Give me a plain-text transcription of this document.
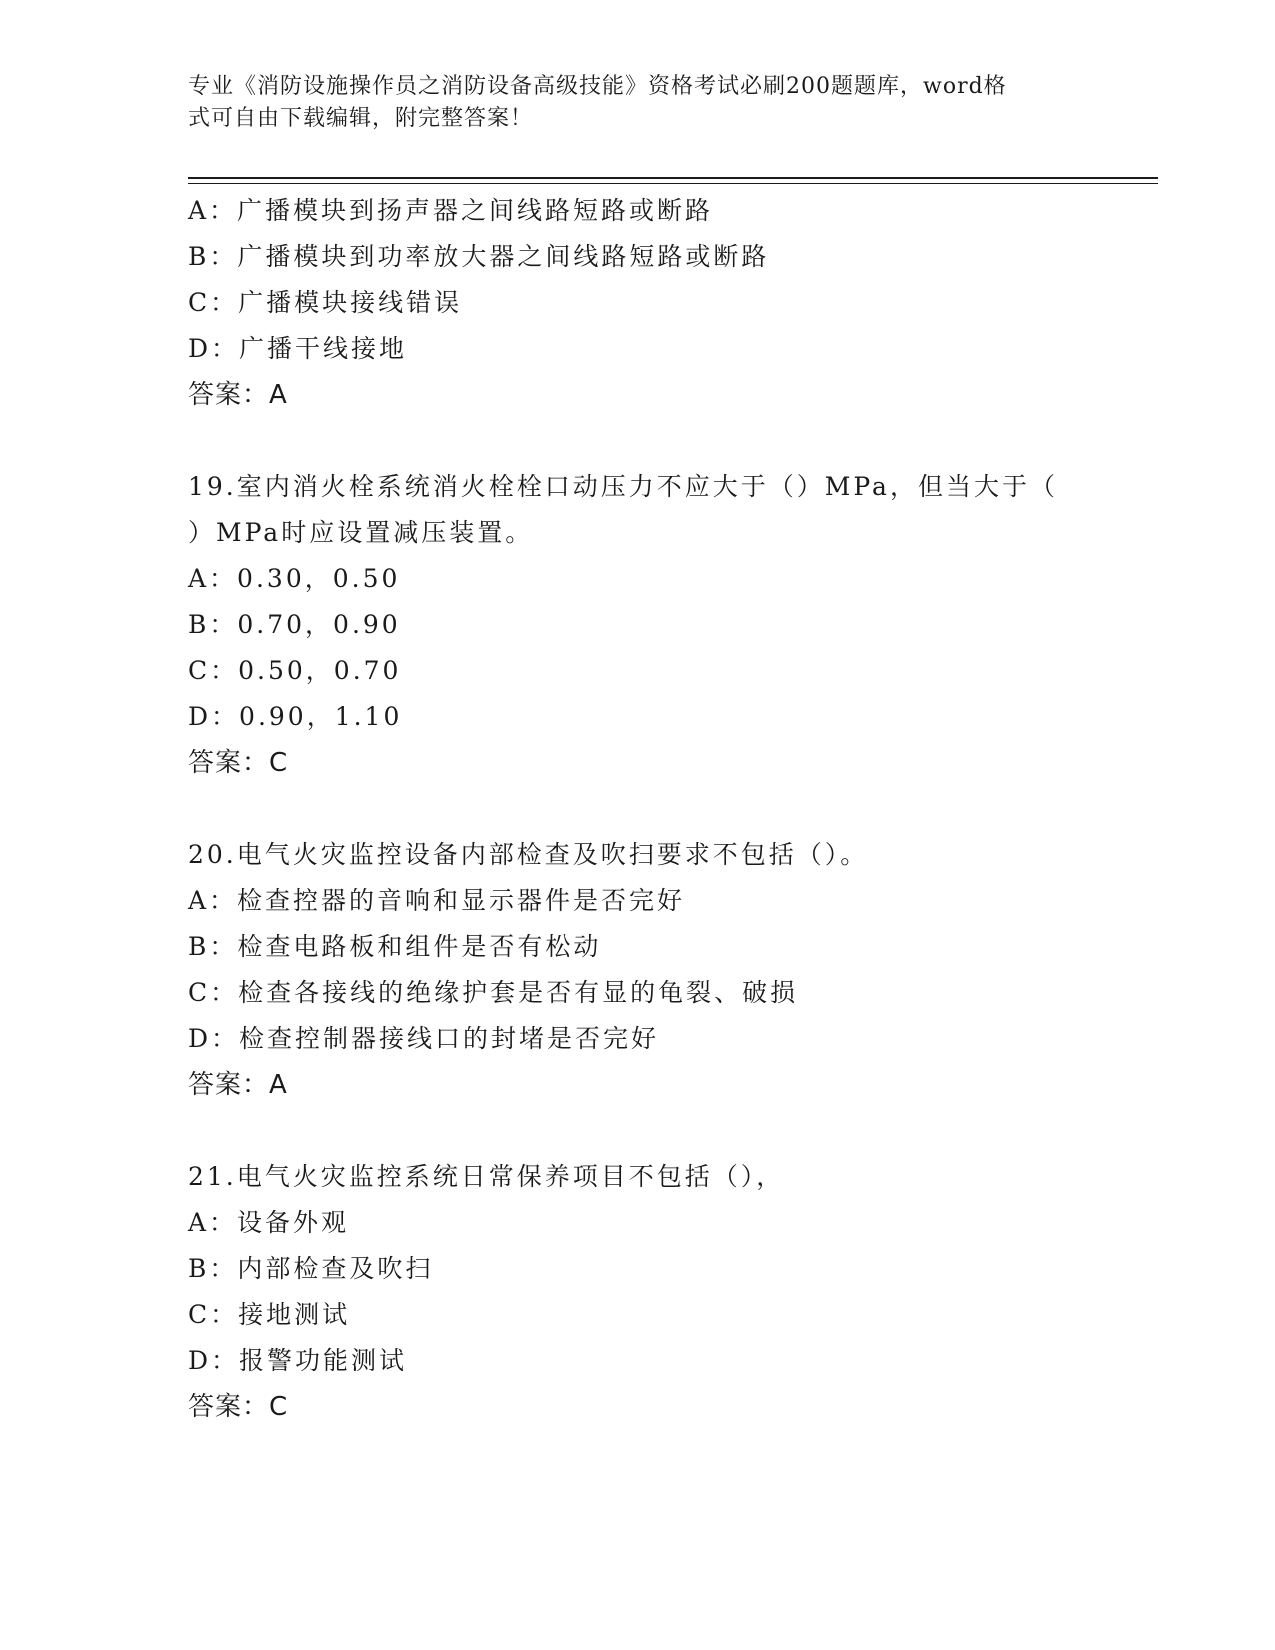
专业《消防设施操作员之消防设备高级技能》资格考试必刷200题题库，word格
式可自由下载编辑，附完整答案！
A：广播模块到扬声器之间线路短路或断路
B：广播模块到功率放大器之间线路短路或断路
C：广播模块接线错误
D：广播干线接地
答案：A
19.室内消火栓系统消火栓栓口动压力不应大于（）MPa，但当大于（
）MPa时应设置减压装置。
A：0.30，0.50
B：0.70，0.90
C：0.50，0.70
D：0.90，1.10
答案：C
20.电气火灾监控设备内部检查及吹扫要求不包括（）。
A：检查控器的音响和显示器件是否完好
B：检查电路板和组件是否有松动
C：检查各接线的绝缘护套是否有显的龟裂、破损
D：检查控制器接线口的封堵是否完好
答案：A
21.电气火灾监控系统日常保养项目不包括（），
A：设备外观
B：内部检查及吹扫
C：接地测试
D：报警功能测试
答案：C
